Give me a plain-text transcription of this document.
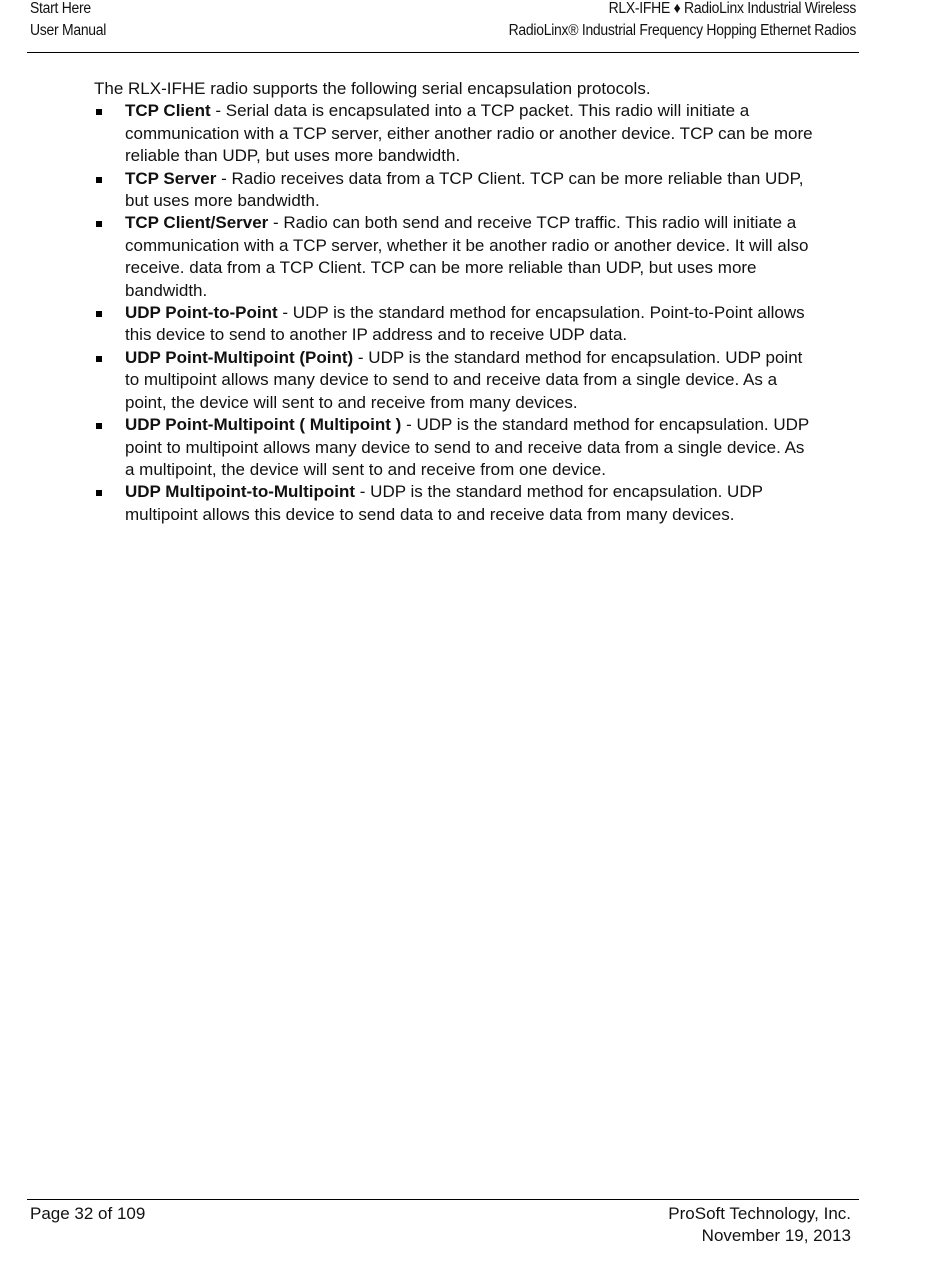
Start Here
User Manual
RLX-IFHE ♦ RadioLinx Industrial Wireless
RadioLinx® Industrial Frequency Hopping Ethernet Radios

The RLX-IFHE radio supports the following serial encapsulation protocols.

TCP Client - Serial data is encapsulated into a TCP packet. This radio will initiate a communication with a TCP server, either another radio or another device. TCP can be more reliable than UDP, but uses more bandwidth.
TCP Server - Radio receives data from a TCP Client. TCP can be more reliable than UDP, but uses more bandwidth.
TCP Client/Server - Radio can both send and receive TCP traffic. This radio will initiate a communication with a TCP server, whether it be another radio or another device. It will also receive. data from a TCP Client. TCP can be more reliable than UDP, but uses more bandwidth.
UDP Point-to-Point - UDP is the standard method for encapsulation. Point-to-Point allows this device to send to another IP address and to receive UDP data.
UDP Point-Multipoint (Point) - UDP is the standard method for encapsulation. UDP point to multipoint allows many device to send to and receive data from a single device. As a point, the device will sent to and receive from many devices.
UDP Point-Multipoint ( Multipoint ) - UDP is the standard method for encapsulation. UDP point to multipoint allows many device to send to and receive data from a single device. As a multipoint, the device will sent to and receive from one device.
UDP Multipoint-to-Multipoint - UDP is the standard method for encapsulation. UDP multipoint allows this device to send data to and receive data from many devices.
Page 32 of 109	ProSoft Technology, Inc.
November 19, 2013
